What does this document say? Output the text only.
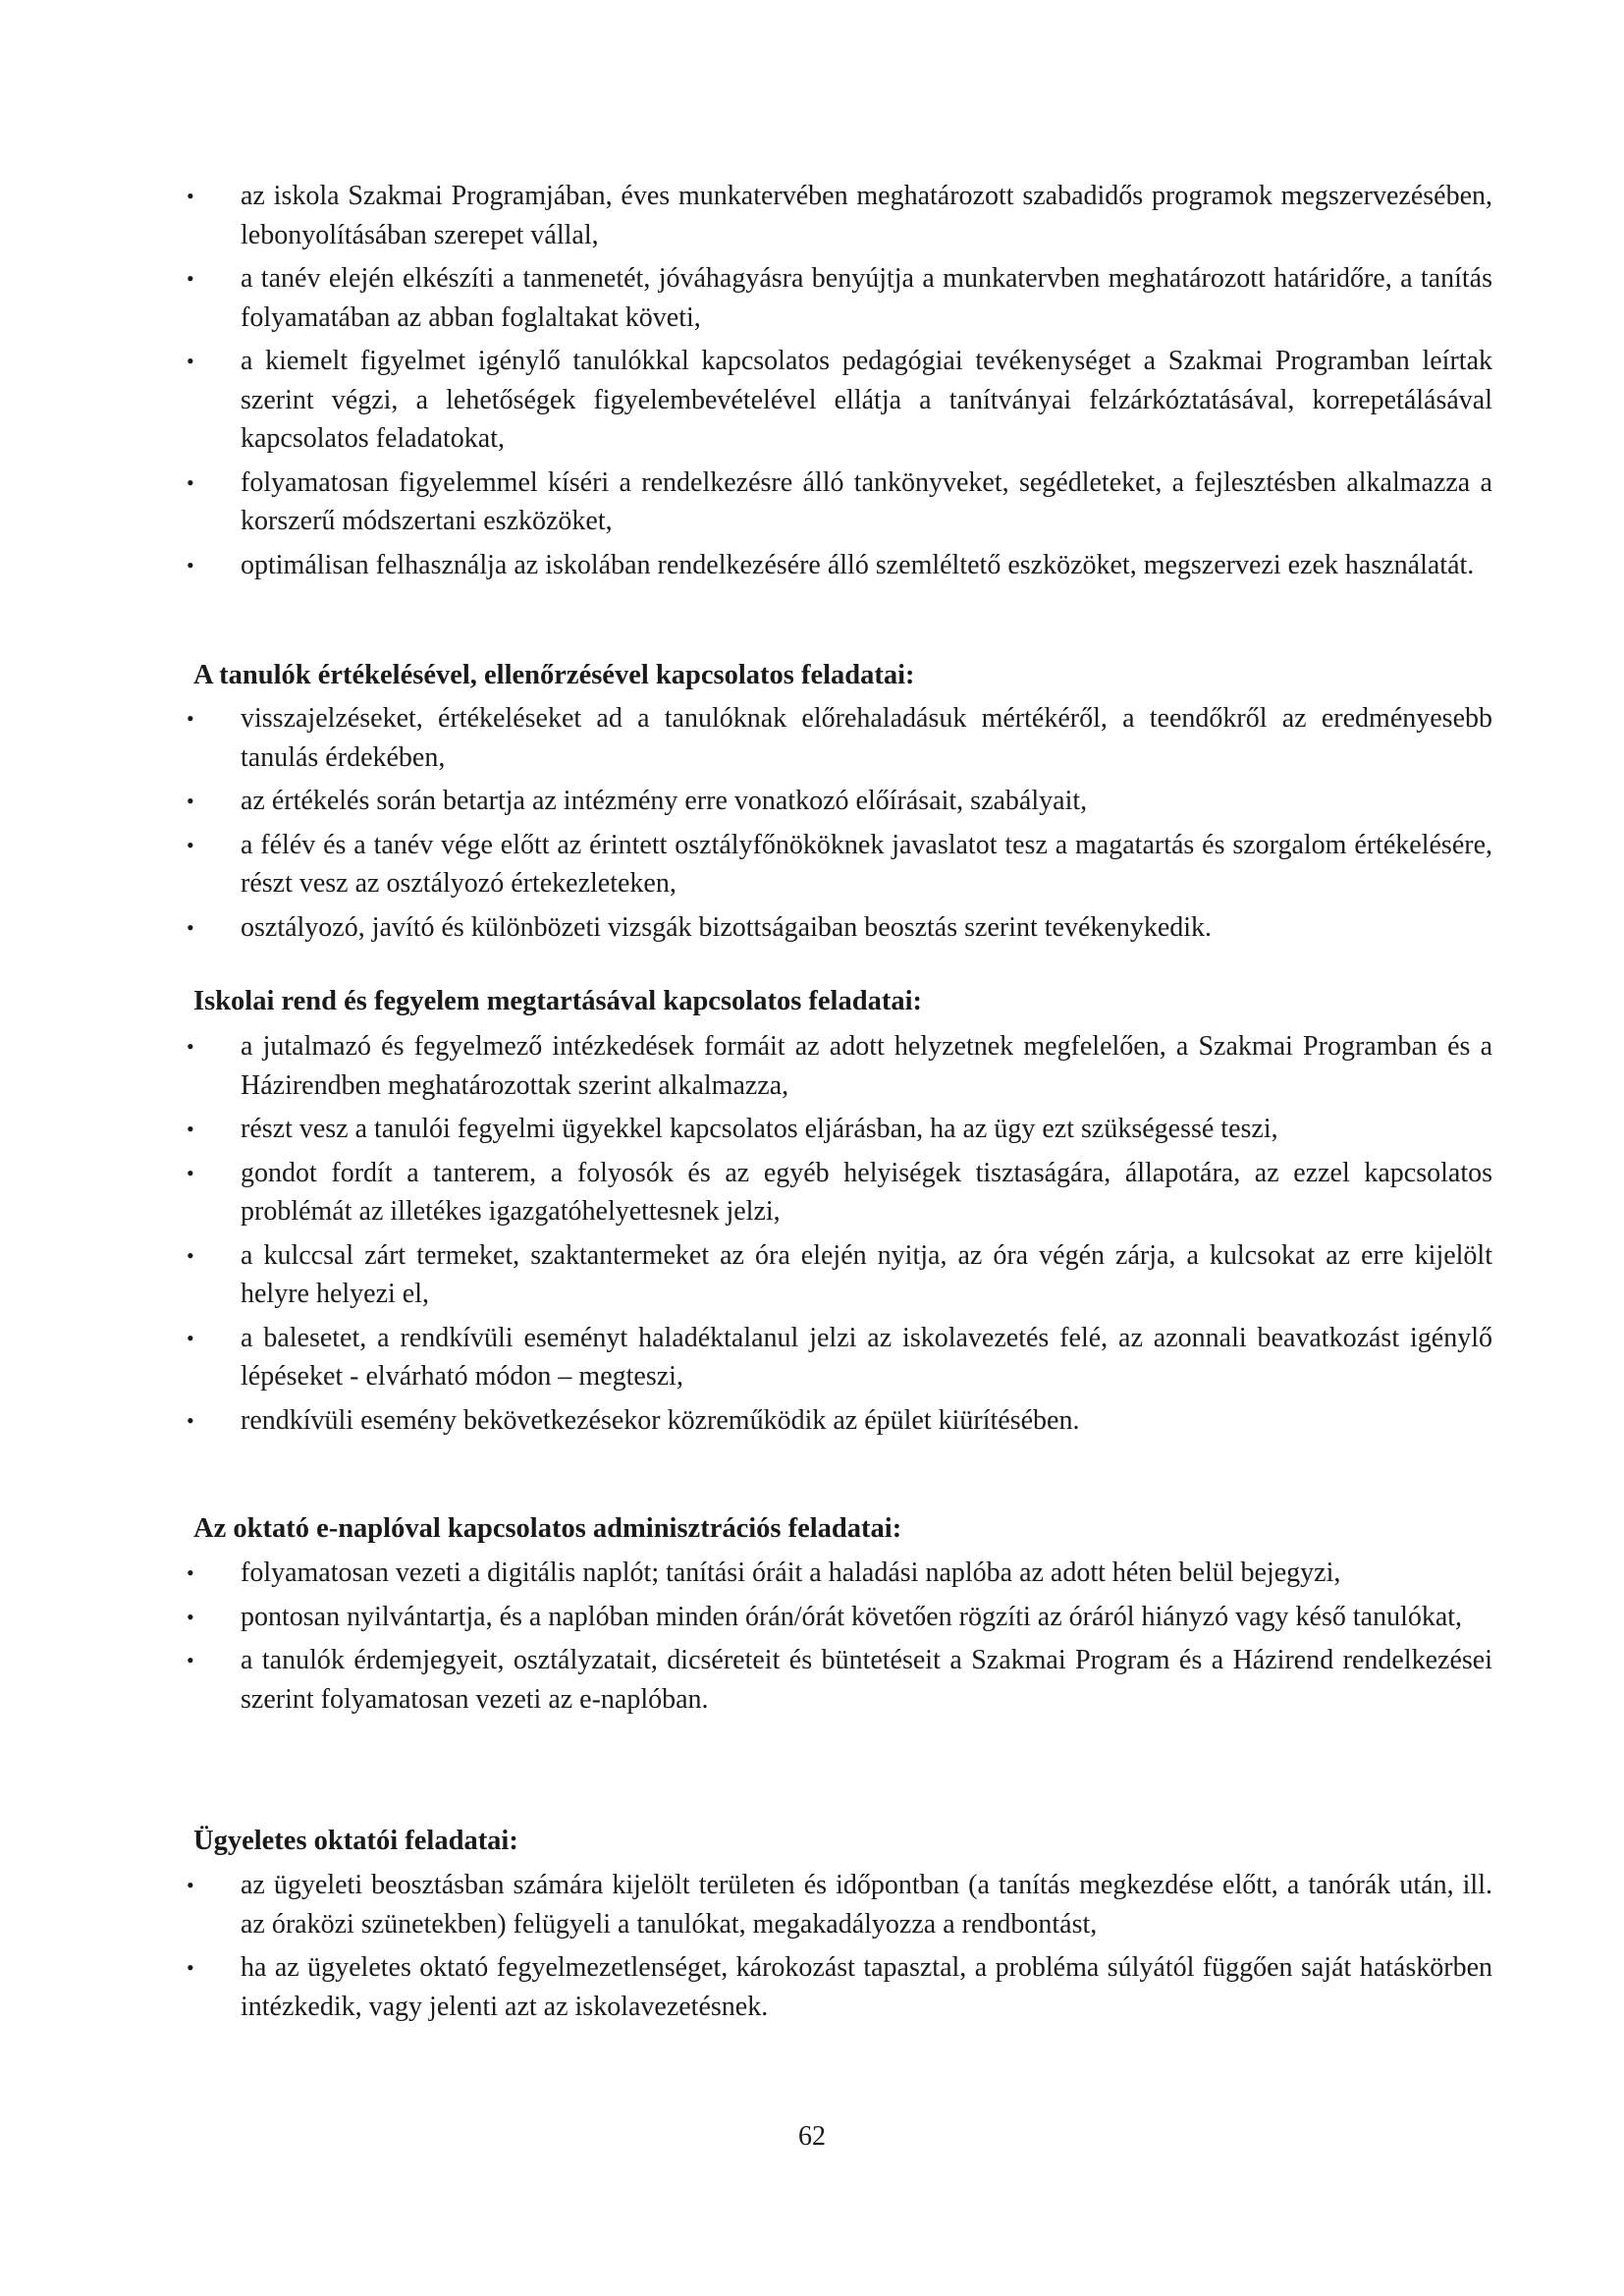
•	az iskola Szakmai Programjában, éves munkatervében meghatározott szabadidős programok megszervezésében, lebonyolításában szerepet vállal,
•	a tanév elején elkészíti a tanmenetét, jóváhagyásra benyújtja a munkatervben meghatározott határidőre, a tanítás folyamatában az abban foglaltakat követi,
•	a kiemelt figyelmet igénylő tanulókkal kapcsolatos pedagógiai tevékenységet a Szakmai Programban leírtak szerint végzi, a lehetőségek figyelembevételével ellátja a tanítványai felzárkóztatásával, korrepetálásával kapcsolatos feladatokat,
•	folyamatosan figyelemmel kíséri a rendelkezésre álló tankönyveket, segédleteket, a fejlesztésben alkalmazza a korszerű módszertani eszközöket,
•	optimálisan felhasználja az iskolában rendelkezésére álló szemléltető eszközöket, megszervezi ezek használatát.
A tanulók értékelésével, ellenőrzésével kapcsolatos feladatai:
•	visszajelzéseket, értékeléseket ad a tanulóknak előrehaladásuk mértékéről, a teendőkről az eredményesebb tanulás érdekében,
•	az értékelés során betartja az intézmény erre vonatkozó előírásait, szabályait,
•	a félév és a tanév vége előtt az érintett osztályfőnököknek javaslatot tesz a magatartás és szorgalom értékelésére, részt vesz az osztályozó értekezleteken,
•	osztályozó, javító és különbözeti vizsgák bizottságaiban beosztás szerint tevékenykedik.
Iskolai rend és fegyelem megtartásával kapcsolatos feladatai:
•	a jutalmazó és fegyelmező intézkedések formáit az adott helyzetnek megfelelően, a Szakmai Programban és a Házirendben meghatározottak szerint alkalmazza,
•	részt vesz a tanulói fegyelmi ügyekkel kapcsolatos eljárásban, ha az ügy ezt szükségessé teszi,
•	gondot fordít a tanterem, a folyosók és az egyéb helyiségek tisztaságára, állapotára, az ezzel kapcsolatos problémát az illetékes igazgatóhelyettesnek jelzi,
•	a kulccsal zárt termeket, szaktantermeket az óra elején nyitja, az óra végén zárja, a kulcsokat az erre kijelölt helyre helyezi el,
•	a balesetet, a rendkívüli eseményt haladéktalanul jelzi az iskolavezetés felé, az azonnali beavatkozást igénylő lépéseket - elvárható módon – megteszi,
•	rendkívüli esemény bekövetkezésekor közreműködik az épület kiürítésében.
Az oktató e-naplóval kapcsolatos adminisztrációs feladatai:
•	folyamatosan vezeti a digitális naplót; tanítási óráit a haladási naplóba az adott héten belül bejegyzi,
•	pontosan nyilvántartja, és a naplóban minden órán/órát követően rögzíti az óráról hiányzó vagy késő tanulókat,
•	a tanulók érdemjegyeit, osztályzatait, dicséreteit és büntetéseit a Szakmai Program és a Házirend rendelkezései szerint folyamatosan vezeti az e-naplóban.
Ügyeletes oktatói feladatai:
•	az ügyeleti beosztásban számára kijelölt területen és időpontban (a tanítás megkezdése előtt, a tanórák után, ill. az óraközi szünetekben) felügyeli a tanulókat, megakadályozza a rendbontást,
•	ha az ügyeletes oktató fegyelmezetlenséget, károkozást tapasztal, a probléma súlyától függően saját hatáskörben intézkedik, vagy jelenti azt az iskolavezetésnek.
62
